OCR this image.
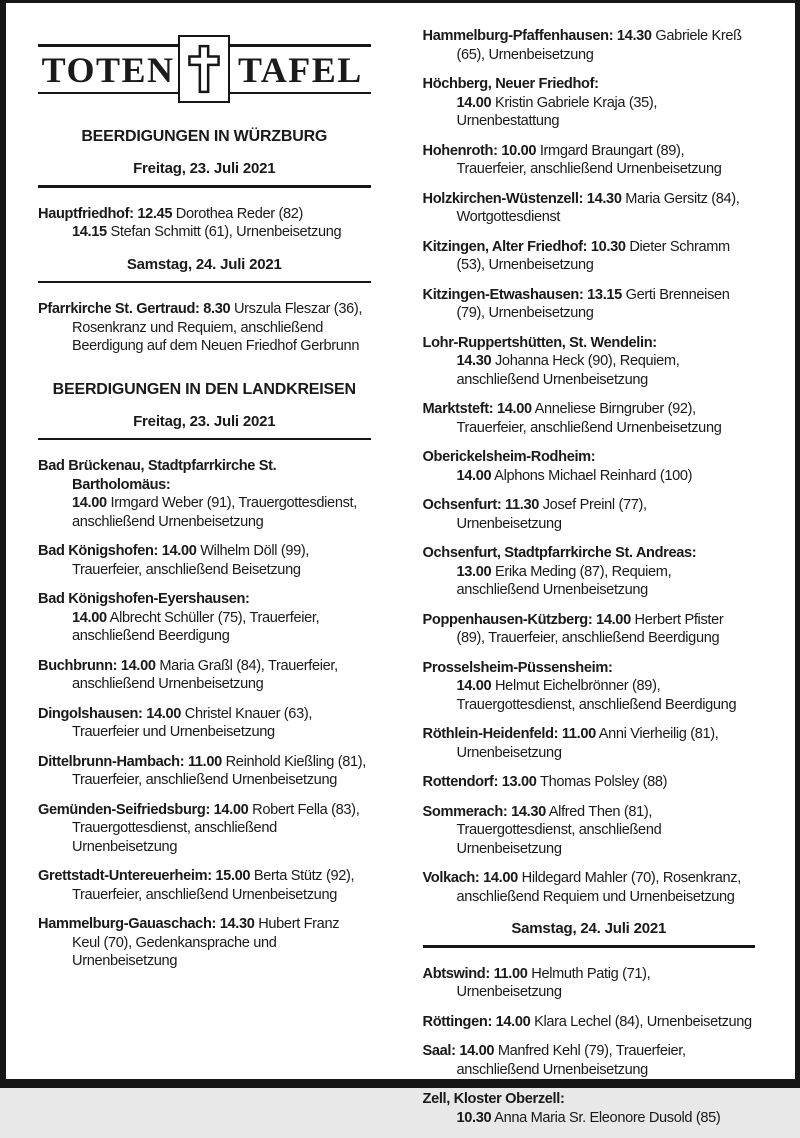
TOTEN TAFEL
BEERDIGUNGEN IN WÜRZBURG
Freitag, 23. Juli 2021

Hauptfriedhof: 12.45 Dorothea Reder (82)
14.15 Stefan Schmitt (61), Urnenbeisetzung

Samstag, 24. Juli 2021

Pfarrkirche St. Gertraud: 8.30 Urszula Fleszar (36), Rosenkranz und Requiem, anschließend Beerdigung auf dem Neuen Friedhof Gerbrunn

BEERDIGUNGEN IN DEN LANDKREISEN
Freitag, 23. Juli 2021

Bad Brückenau, Stadtpfarrkirche St. Bartholomäus:
14.00 Irmgard Weber (91), Trauergottesdienst, anschließend Urnenbeisetzung

Bad Königshofen: 14.00 Wilhelm Döll (99), Trauerfeier, anschließend Beisetzung

Bad Königshofen-Eyershausen:
14.00 Albrecht Schüller (75), Trauerfeier, anschließend Beerdigung

Buchbrunn: 14.00 Maria Graßl (84), Trauerfeier, anschließend Urnenbeisetzung

Dingolshausen: 14.00 Christel Knauer (63), Trauerfeier und Urnenbeisetzung

Dittelbrunn-Hambach: 11.00 Reinhold Kießling (81), Trauerfeier, anschließend Urnenbeisetzung

Gemünden-Seifriedsburg: 14.00 Robert Fella (83), Trauergottesdienst, anschließend Urnenbeisetzung

Grettstadt-Untereuerheim: 15.00 Berta Stütz (92), Trauerfeier, anschließend Urnenbeisetzung

Hammelburg-Gauaschach: 14.30 Hubert Franz Keul (70), Gedenkansprache und Urnenbeisetzung

Hammelburg-Pfaffenhausen: 14.30 Gabriele Kreß (65), Urnenbeisetzung

Höchberg, Neuer Friedhof:
14.00 Kristin Gabriele Kraja (35), Urnenbestattung

Hohenroth: 10.00 Irmgard Braungart (89), Trauerfeier, anschließend Urnenbeisetzung

Holzkirchen-Wüstenzell: 14.30 Maria Gersitz (84), Wortgottesdienst

Kitzingen, Alter Friedhof: 10.30 Dieter Schramm (53), Urnenbeisetzung

Kitzingen-Etwashausen: 13.15 Gerti Brenneisen (79), Urnenbeisetzung

Lohr-Ruppertshütten, St. Wendelin:
14.30 Johanna Heck (90), Requiem, anschließend Urnenbeisetzung

Marktsteft: 14.00 Anneliese Birngruber (92), Trauerfeier, anschließend Urnenbeisetzung

Oberickelsheim-Rodheim:
14.00 Alphons Michael Reinhard (100)

Ochsenfurt: 11.30 Josef Preinl (77), Urnenbeisetzung

Ochsenfurt, Stadtpfarrkirche St. Andreas:
13.00 Erika Meding (87), Requiem, anschließend Urnenbeisetzung

Poppenhausen-Kützberg: 14.00 Herbert Pfister (89), Trauerfeier, anschließend Beerdigung

Prosselsheim-Püssensheim:
14.00 Helmut Eichelbrönner (89), Trauergottesdienst, anschließend Beerdigung

Röthlein-Heidenfeld: 11.00 Anni Vierheilig (81), Urnenbeisetzung

Rottendorf: 13.00 Thomas Polsley (88)

Sommerach: 14.30 Alfred Then (81), Trauergottesdienst, anschließend Urnenbeisetzung

Volkach: 14.00 Hildegard Mahler (70), Rosenkranz, anschließend Requiem und Urnenbeisetzung

Samstag, 24. Juli 2021

Abtswind: 11.00 Helmuth Patig (71), Urnenbeisetzung

Röttingen: 14.00 Klara Lechel (84), Urnenbeisetzung

Saal: 14.00 Manfred Kehl (79), Trauerfeier, anschließend Urnenbeisetzung

Zell, Kloster Oberzell:
10.30 Anna Maria Sr. Eleonore Dusold (85)
